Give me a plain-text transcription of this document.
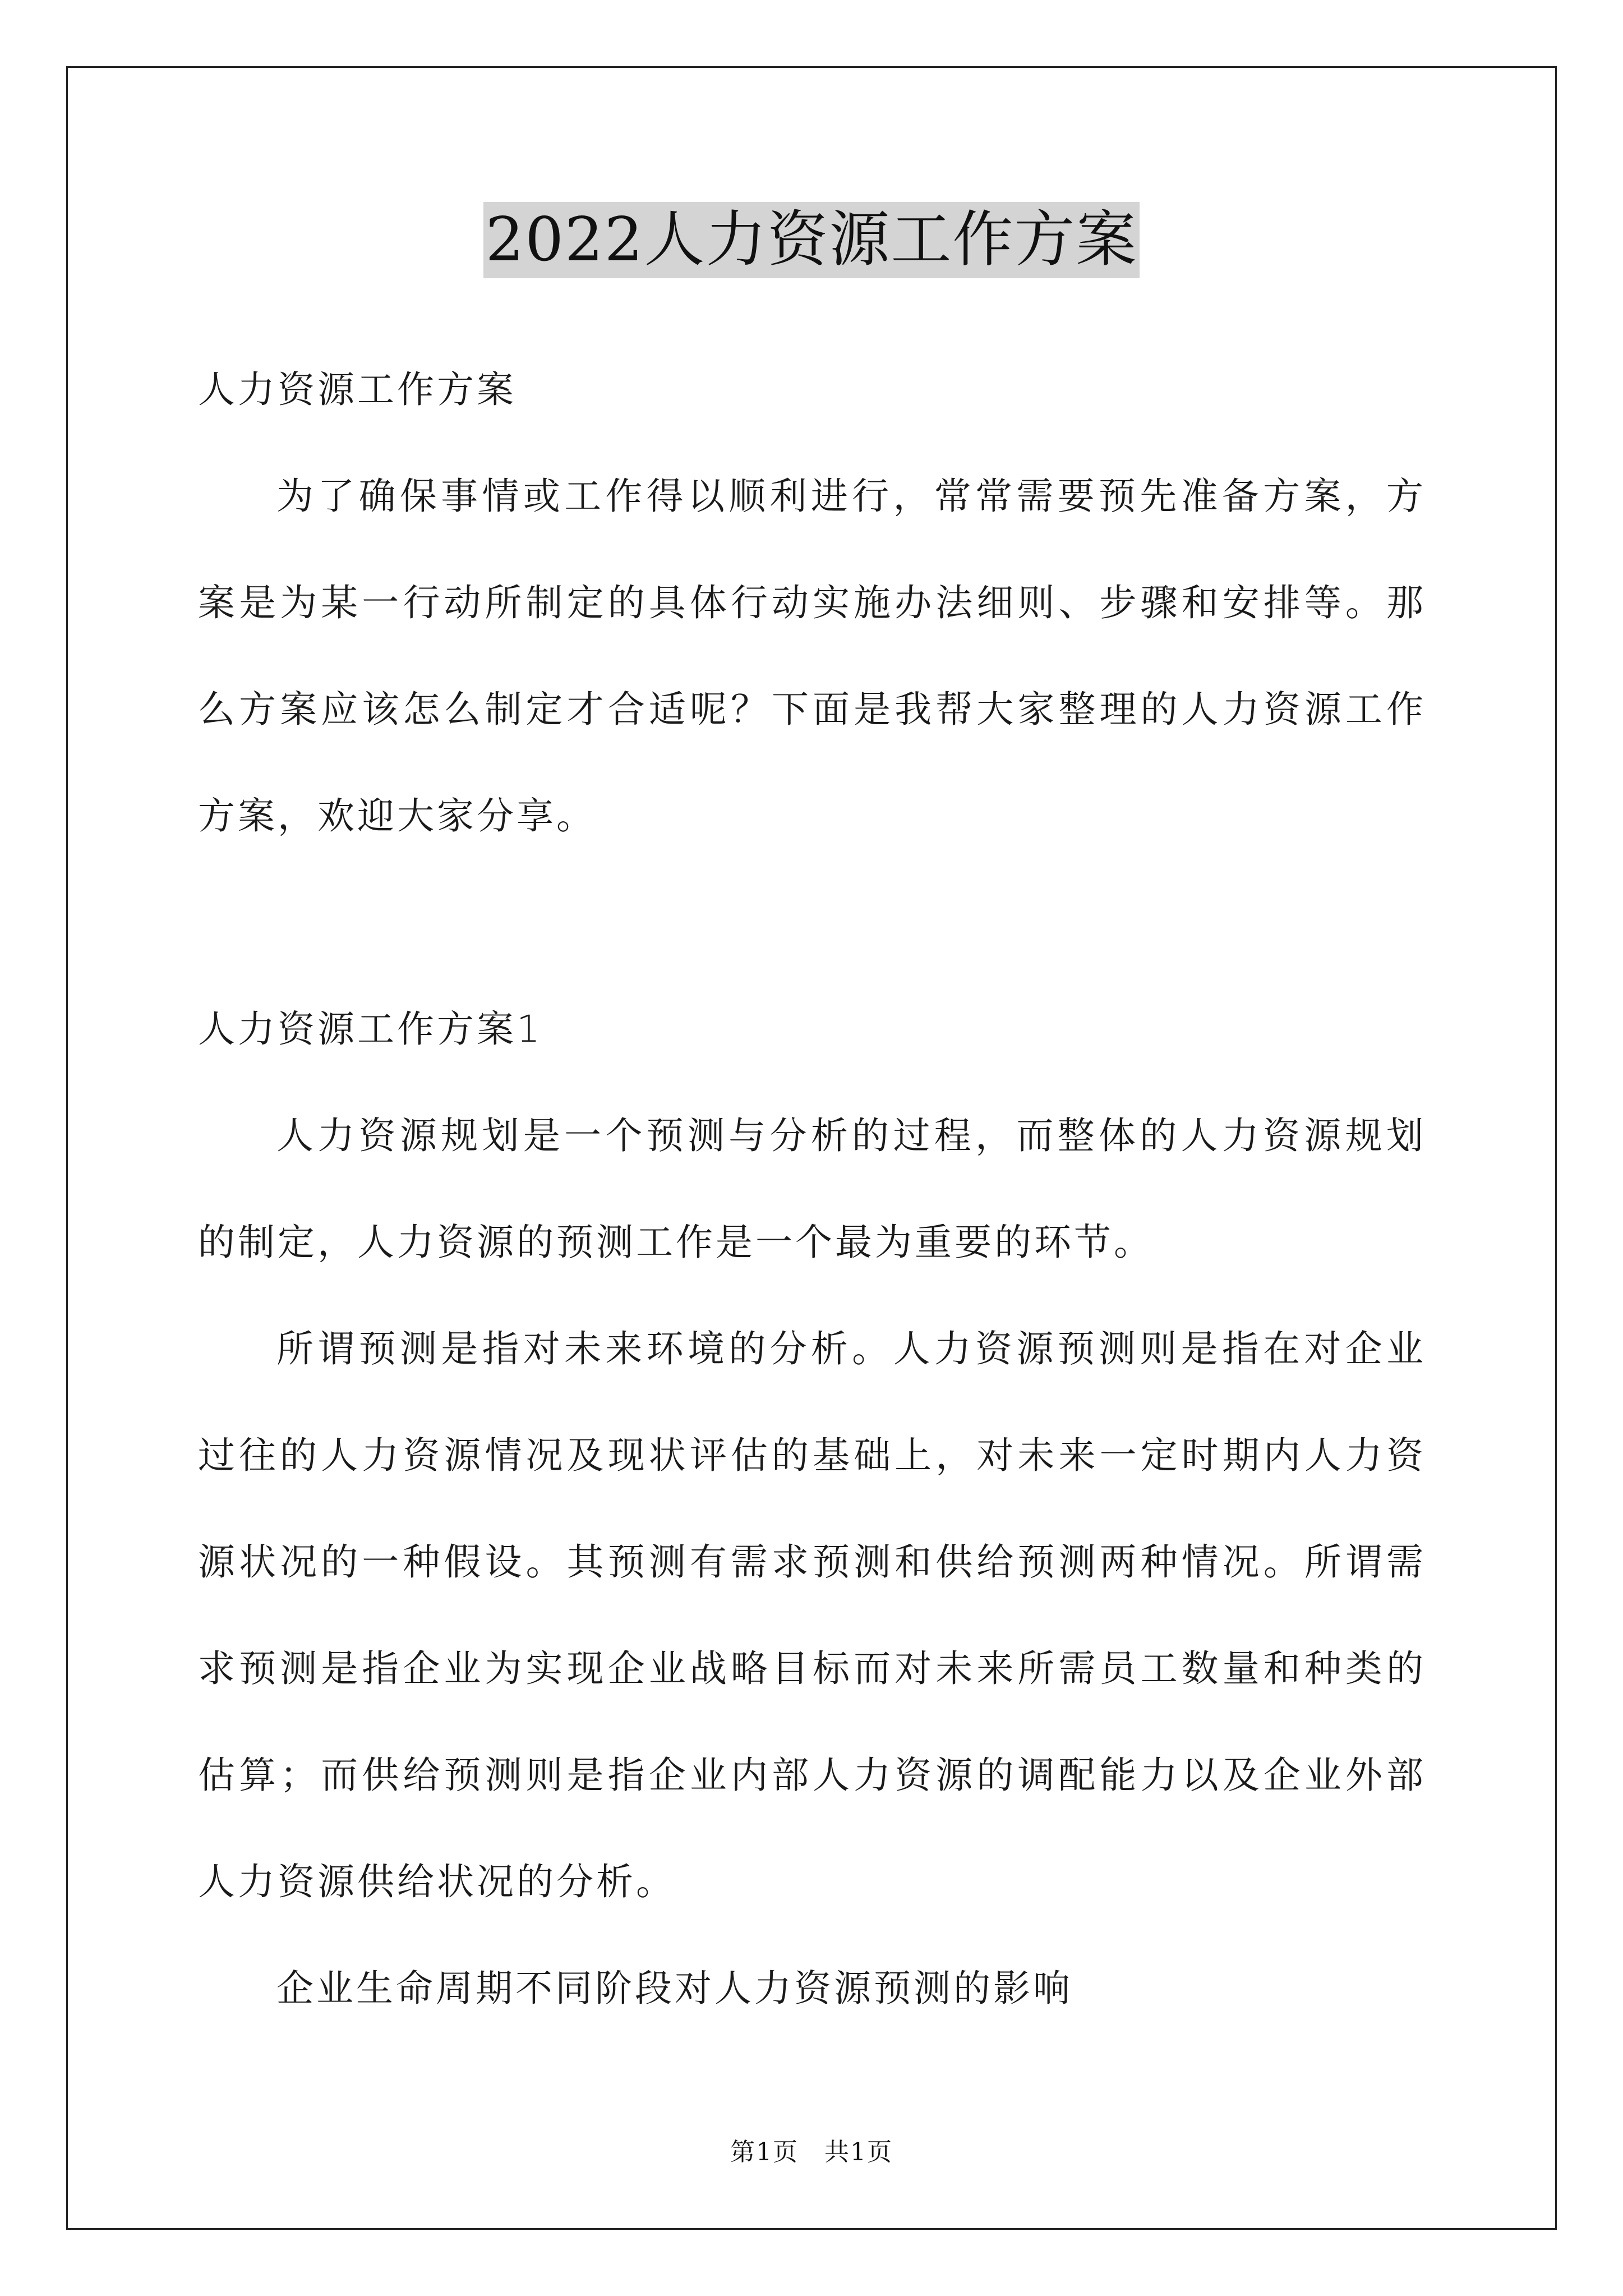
2022人力资源工作方案

人力资源工作方案

为了确保事情或工作得以顺利进行，常常需要预先准备方案，方案是为某一行动所制定的具体行动实施办法细则、步骤和安排等。那么方案应该怎么制定才合适呢？下面是我帮大家整理的人力资源工作方案，欢迎大家分享。

人力资源工作方案1

人力资源规划是一个预测与分析的过程，而整体的人力资源规划的制定，人力资源的预测工作是一个最为重要的环节。

所谓预测是指对未来环境的分析。人力资源预测则是指在对企业过往的人力资源情况及现状评估的基础上，对未来一定时期内人力资源状况的一种假设。其预测有需求预测和供给预测两种情况。所谓需求预测是指企业为实现企业战略目标而对未来所需员工数量和种类的估算；而供给预测则是指企业内部人力资源的调配能力以及企业外部人力资源供给状况的分析。

企业生命周期不同阶段对人力资源预测的影响

第1页　共1页
